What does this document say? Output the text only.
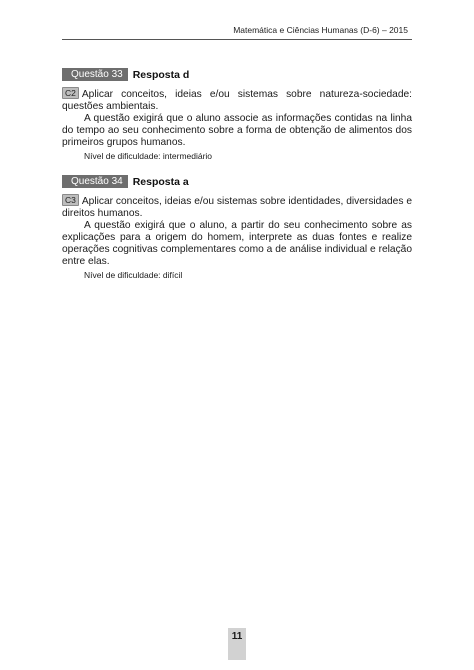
Matemática e Ciências Humanas (D-6) – 2015
Questão 33 Resposta d

C2 Aplicar conceitos, ideias e/ou sistemas sobre natureza-sociedade: questões ambientais.

A questão exigirá que o aluno associe as informações contidas na linha do tempo ao seu conhecimento sobre a forma de obtenção de alimentos dos primeiros grupos humanos.

Nível de dificuldade: intermediário

Questão 34 Resposta a

C3 Aplicar conceitos, ideias e/ou sistemas sobre identidades, diversidades e direitos humanos.

A questão exigirá que o aluno, a partir do seu conhecimento sobre as explicações para a origem do homem, interprete as duas fontes e realize operações cognitivas complementares como a de análise individual e relação entre elas.

Nível de dificuldade: difícil

11
